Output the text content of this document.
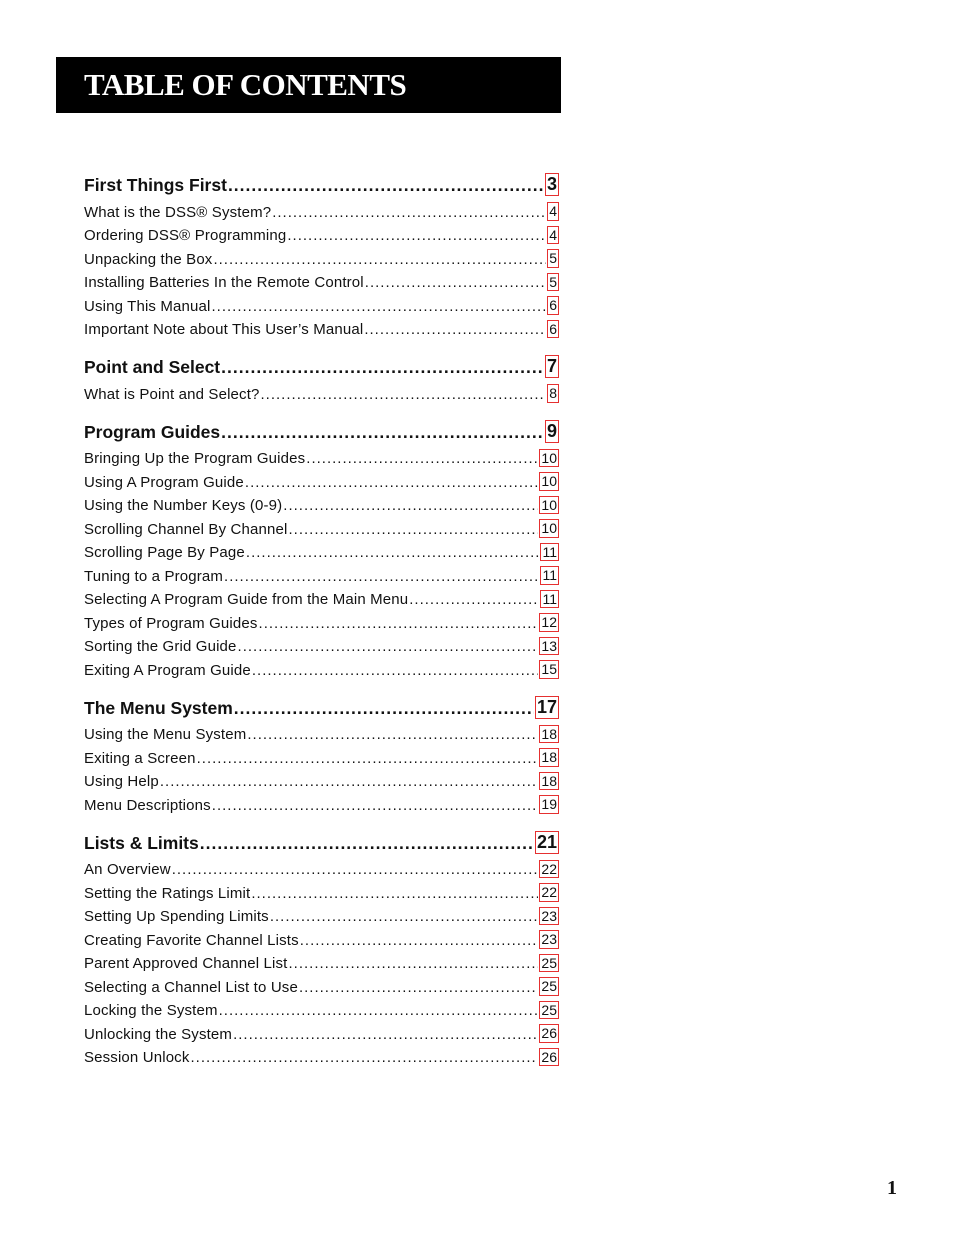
TABLE OF CONTENTS
First Things First .....	3
What is the DSS® System? .....	4
Ordering DSS® Programming .....	4
Unpacking the Box .....	5
Installing Batteries In the Remote Control .....	5
Using This Manual .....	6
Important Note about This User’s Manual .....	6
Point and Select .....	7
What is Point and Select? .....	8
Program Guides .....	9
Bringing Up the Program Guides .....	10
Using A Program Guide .....	10
Using the Number Keys (0-9) .....	10
Scrolling Channel By Channel .....	10
Scrolling Page By Page .....	11
Tuning to a Program .....	11
Selecting A Program Guide from the Main Menu .....	11
Types of Program Guides .....	12
Sorting the Grid Guide .....	13
Exiting A Program Guide .....	15
The Menu System .....	17
Using the Menu System .....	18
Exiting a Screen .....	18
Using Help .....	18
Menu Descriptions .....	19
Lists & Limits .....	21
An Overview .....	22
Setting the Ratings Limit .....	22
Setting Up Spending Limits .....	23
Creating Favorite Channel Lists .....	23
Parent Approved Channel List .....	25
Selecting a Channel List to Use .....	25
Locking the System .....	25
Unlocking the System .....	26
Session Unlock .....	26
1
